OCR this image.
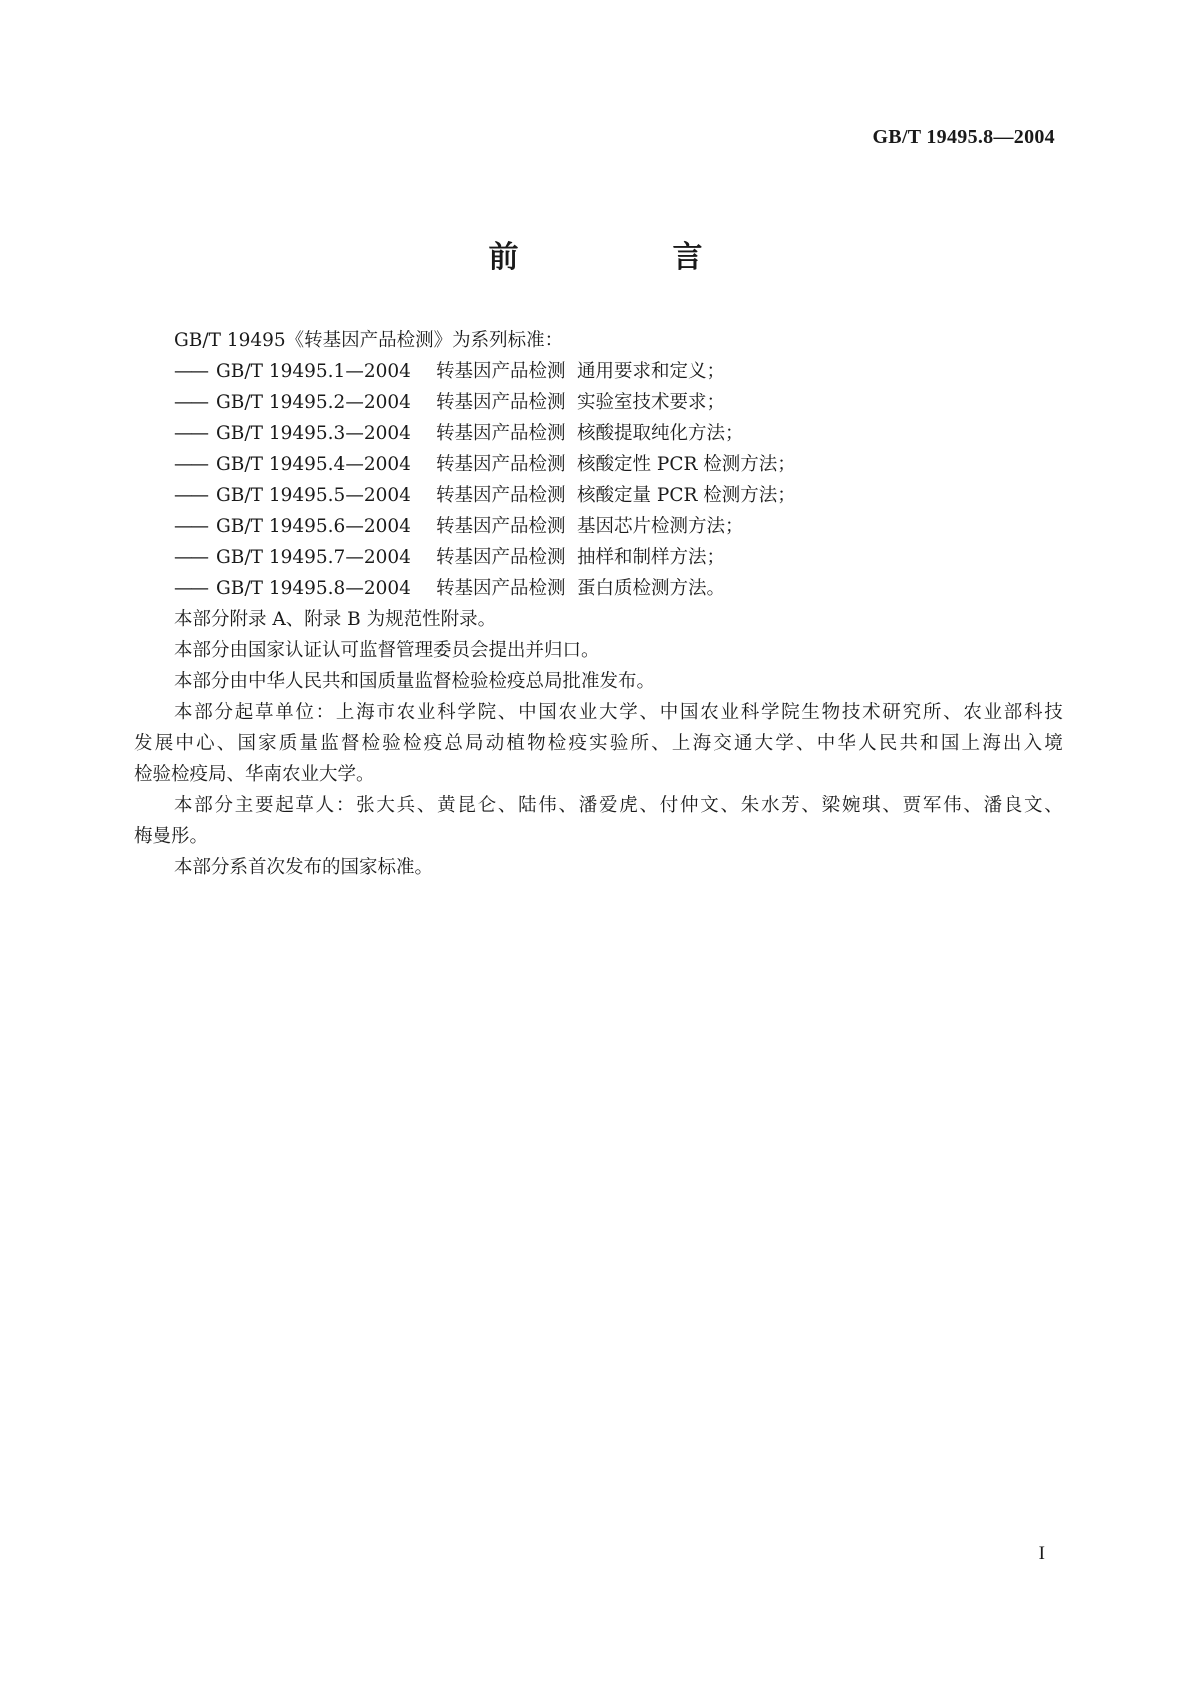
GB/T 19495.8—2004
前　言
GB/T 19495《转基因产品检测》为系列标准：
—— GB/T 19495.1—2004 转基因产品检测 通用要求和定义；
—— GB/T 19495.2—2004 转基因产品检测 实验室技术要求；
—— GB/T 19495.3—2004 转基因产品检测 核酸提取纯化方法；
—— GB/T 19495.4—2004 转基因产品检测 核酸定性 PCR 检测方法；
—— GB/T 19495.5—2004 转基因产品检测 核酸定量 PCR 检测方法；
—— GB/T 19495.6—2004 转基因产品检测 基因芯片检测方法；
—— GB/T 19495.7—2004 转基因产品检测 抽样和制样方法；
—— GB/T 19495.8—2004 转基因产品检测 蛋白质检测方法。
本部分附录 A、附录 B 为规范性附录。
本部分由国家认证认可监督管理委员会提出并归口。
本部分由中华人民共和国质量监督检验检疫总局批准发布。
本部分起草单位：上海市农业科学院、中国农业大学、中国农业科学院生物技术研究所、农业部科技
发展中心、国家质量监督检验检疫总局动植物检疫实验所、上海交通大学、中华人民共和国上海出入境
检验检疫局、华南农业大学。
本部分主要起草人：张大兵、黄昆仑、陆伟、潘爱虎、付仲文、朱水芳、梁婉琪、贾军伟、潘良文、
梅曼彤。
本部分系首次发布的国家标准。
I
